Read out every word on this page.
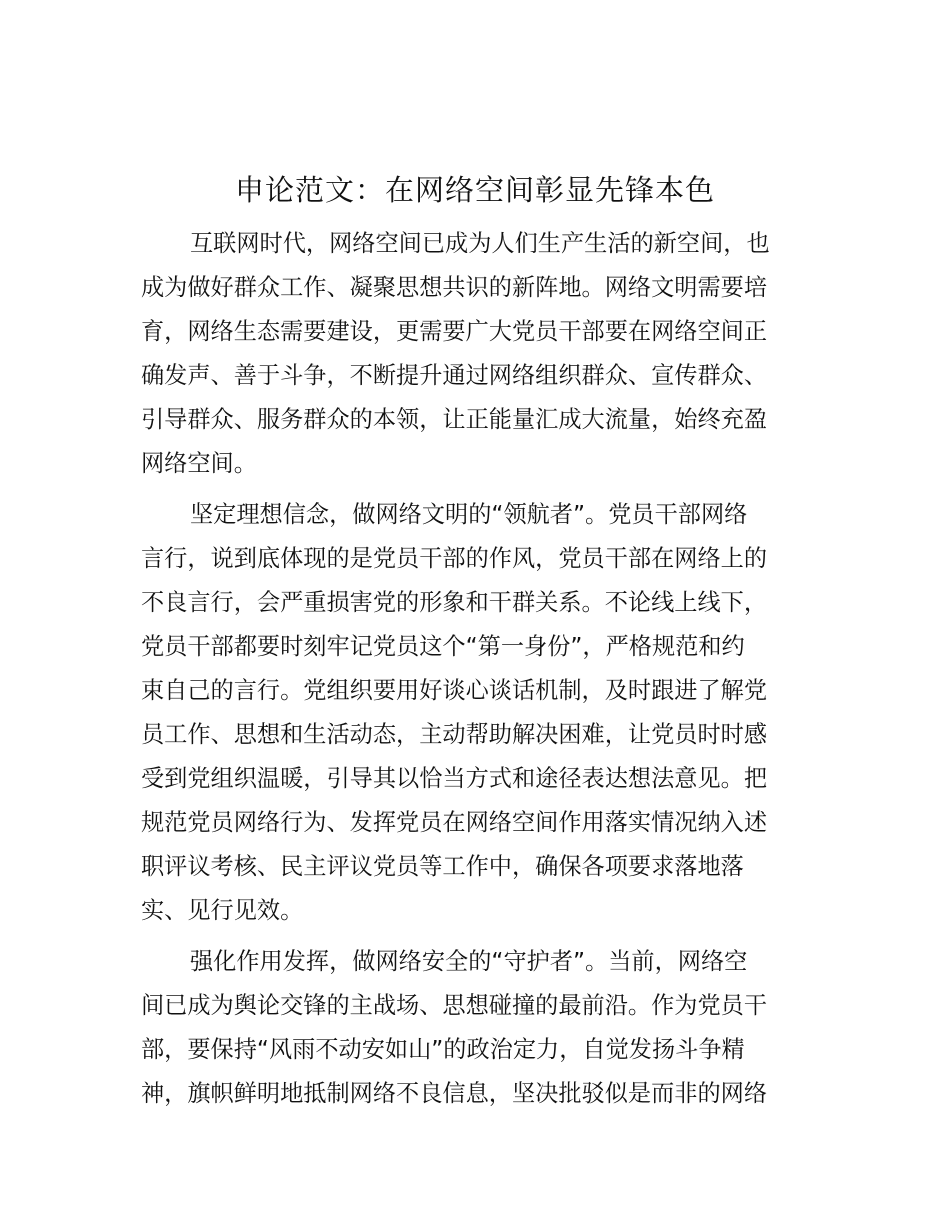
申论范文：在网络空间彰显先锋本色

互联网时代，网络空间已成为人们生产生活的新空间，也

成为做好群众工作、凝聚思想共识的新阵地。网络文明需要培

育，网络生态需要建设，更需要广大党员干部要在网络空间正

确发声、善于斗争，不断提升通过网络组织群众、宣传群众、

引导群众、服务群众的本领，让正能量汇成大流量，始终充盈

网络空间。

坚定理想信念，做网络文明的“领航者”。党员干部网络

言行，说到底体现的是党员干部的作风，党员干部在网络上的

不良言行，会严重损害党的形象和干群关系。不论线上线下，

党员干部都要时刻牢记党员这个“第一身份”，严格规范和约

束自己的言行。党组织要用好谈心谈话机制，及时跟进了解党

员工作、思想和生活动态，主动帮助解决困难，让党员时时感

受到党组织温暖，引导其以恰当方式和途径表达想法意见。把

规范党员网络行为、发挥党员在网络空间作用落实情况纳入述

职评议考核、民主评议党员等工作中，确保各项要求落地落

实、见行见效。

强化作用发挥，做网络安全的“守护者”。当前，网络空

间已成为舆论交锋的主战场、思想碰撞的最前沿。作为党员干

部，要保持“风雨不动安如山”的政治定力，自觉发扬斗争精

神，旗帜鲜明地抵制网络不良信息，坚决批驳似是而非的网络
